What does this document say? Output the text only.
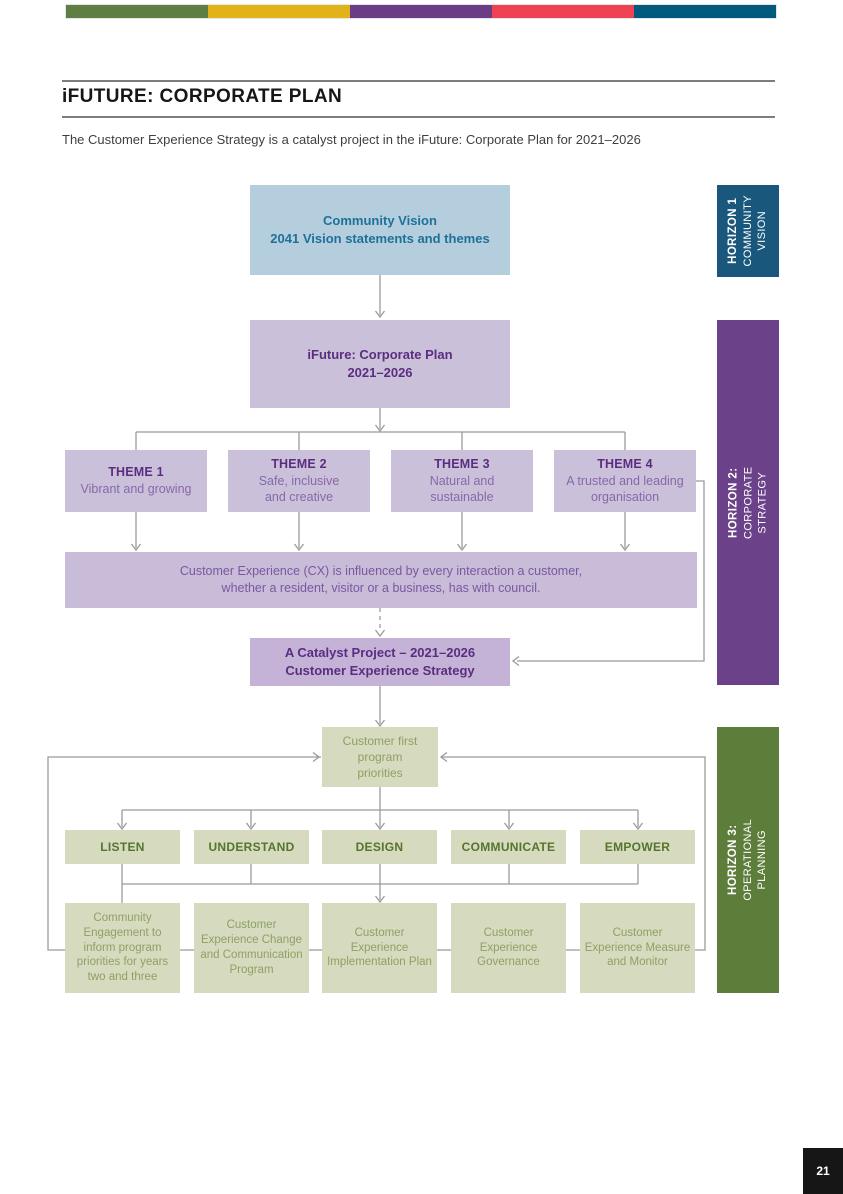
iFUTURE: CORPORATE PLAN
The Customer Experience Strategy is a catalyst project in the iFuture: Corporate Plan for 2021–2026
HORIZON 1 COMMUNITY VISION
HORIZON 2: CORPORATE STRATEGY
HORIZON 3: OPERATIONAL PLANNING
Community Vision
2041 Vision statements and themes
iFuture: Corporate Plan
2021–2026
THEME 1
Vibrant and growing
THEME 2
Safe, inclusive and creative
THEME 3
Natural and sustainable
THEME 4
A trusted and leading organisation
Customer Experience (CX) is influenced by every interaction a customer,
whether a resident, visitor or a business, has with council.
A Catalyst Project – 2021–2026
Customer Experience Strategy
Customer first program priorities
LISTEN	UNDERSTAND	DESIGN	COMMUNICATE	EMPOWER
Community Engagement to inform program priorities for years two and three
Customer Experience Change and Communication Program
Customer Experience Implementation Plan
Customer Experience Governance
Customer Experience Measure and Monitor
21
